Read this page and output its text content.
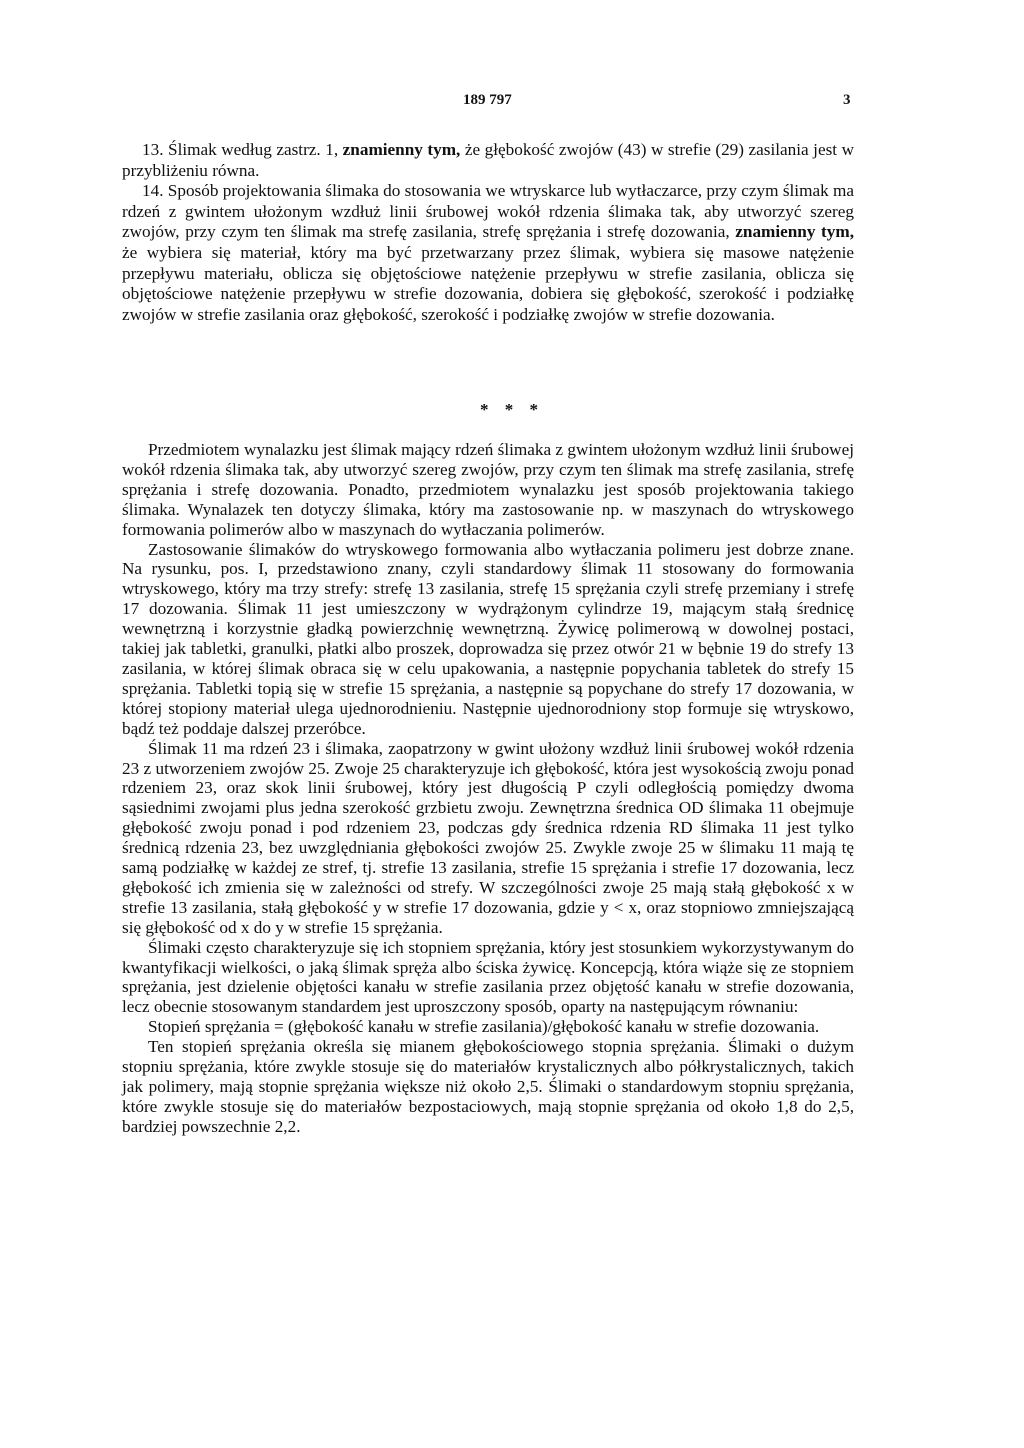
189 797	3

13. Ślimak według zastrz. 1, znamienny tym, że głębokość zwojów (43) w strefie (29) zasilania jest w przybliżeniu równa.

14. Sposób projektowania ślimaka do stosowania we wtryskarce lub wytłaczarce, przy czym ślimak ma rdzeń z gwintem ułożonym wzdłuż linii śrubowej wokół rdzenia ślimaka tak, aby utworzyć szereg zwojów, przy czym ten ślimak ma strefę zasilania, strefę sprężania i strefę dozowania, znamienny tym, że wybiera się materiał, który ma być przetwarzany przez ślimak, wybiera się masowe natężenie przepływu materiału, oblicza się objętościowe natężenie przepływu w strefie zasilania, oblicza się objętościowe natężenie przepływu w strefie dozowania, dobiera się głębokość, szerokość i podziałkę zwojów w strefie zasilania oraz głębokość, szerokość i podziałkę zwojów w strefie dozowania.

* * *

Przedmiotem wynalazku jest ślimak mający rdzeń ślimaka z gwintem ułożonym wzdłuż linii śrubowej wokół rdzenia ślimaka tak, aby utworzyć szereg zwojów, przy czym ten ślimak ma strefę zasilania, strefę sprężania i strefę dozowania. Ponadto, przedmiotem wynalazku jest sposób projektowania takiego ślimaka. Wynalazek ten dotyczy ślimaka, który ma zastosowanie np. w maszynach do wtryskowego formowania polimerów albo w maszynach do wytłaczania polimerów.

Zastosowanie ślimaków do wtryskowego formowania albo wytłaczania polimeru jest dobrze znane. Na rysunku, pos. I, przedstawiono znany, czyli standardowy ślimak 11 stosowany do formowania wtryskowego, który ma trzy strefy: strefę 13 zasilania, strefę 15 sprężania czyli strefę przemiany i strefę 17 dozowania. Ślimak 11 jest umieszczony w wydrążonym cylindrze 19, mającym stałą średnicę wewnętrzną i korzystnie gładką powierzchnię wewnętrzną. Żywicę polimerową w dowolnej postaci, takiej jak tabletki, granulki, płatki albo proszek, doprowadza się przez otwór 21 w bębnie 19 do strefy 13 zasilania, w której ślimak obraca się w celu upakowania, a następnie popychania tabletek do strefy 15 sprężania. Tabletki topią się w strefie 15 sprężania, a następnie są popychane do strefy 17 dozowania, w której stopiony materiał ulega ujednorodnieniu. Następnie ujednorodniony stop formuje się wtryskowo, bądź też poddaje dalszej przeróbce.

Ślimak 11 ma rdzeń 23 i ślimaka, zaopatrzony w gwint ułożony wzdłuż linii śrubowej wokół rdzenia 23 z utworzeniem zwojów 25. Zwoje 25 charakteryzuje ich głębokość, która jest wysokością zwoju ponad rdzeniem 23, oraz skok linii śrubowej, który jest długością P czyli odległością pomiędzy dwoma sąsiednimi zwojami plus jedna szerokość grzbietu zwoju. Zewnętrzna średnica OD ślimaka 11 obejmuje głębokość zwoju ponad i pod rdzeniem 23, podczas gdy średnica rdzenia RD ślimaka 11 jest tylko średnicą rdzenia 23, bez uwzględniania głębokości zwojów 25. Zwykle zwoje 25 w ślimaku 11 mają tę samą podziałkę w każdej ze stref, tj. strefie 13 zasilania, strefie 15 sprężania i strefie 17 dozowania, lecz głębokość ich zmienia się w zależności od strefy. W szczególności zwoje 25 mają stałą głębokość x w strefie 13 zasilania, stałą głębokość y w strefie 17 dozowania, gdzie y < x, oraz stopniowo zmniejszającą się głębokość od x do y w strefie 15 sprężania.

Ślimaki często charakteryzuje się ich stopniem sprężania, który jest stosunkiem wykorzystywanym do kwantyfikacji wielkości, o jaką ślimak spręża albo ściska żywicę. Koncepcją, która wiąże się ze stopniem sprężania, jest dzielenie objętości kanału w strefie zasilania przez objętość kanału w strefie dozowania, lecz obecnie stosowanym standardem jest uproszczony sposób, oparty na następującym równaniu:

Stopień sprężania = (głębokość kanału w strefie zasilania)/głębokość kanału w strefie dozowania.

Ten stopień sprężania określa się mianem głębokościowego stopnia sprężania. Ślimaki o dużym stopniu sprężania, które zwykle stosuje się do materiałów krystalicznych albo półkrystalicznych, takich jak polimery, mają stopnie sprężania większe niż około 2,5. Ślimaki o standardowym stopniu sprężania, które zwykle stosuje się do materiałów bezpostaciowych, mają stopnie sprężania od około 1,8 do 2,5, bardziej powszechnie 2,2.
